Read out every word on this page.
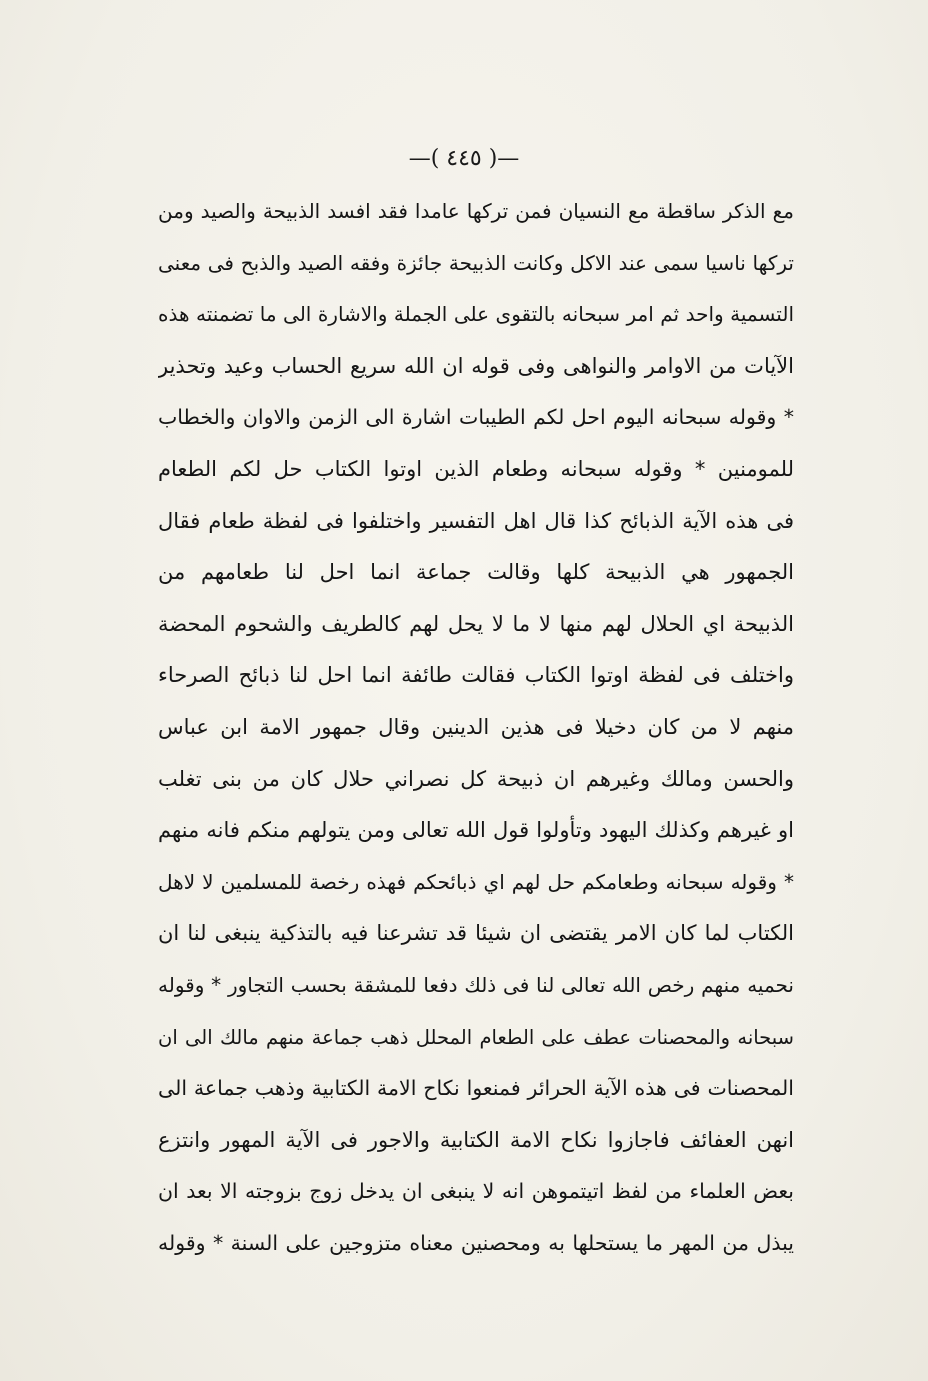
—( ٤٤٥ )—
مع الذكر ساقطة مع النسيان فمن تركها عامدا فقد افسد الذبيحة والصيد ومن
تركها ناسيا سمى عند الاكل وكانت الذبيحة جائزة وفقه الصيد والذبح فى معنى
التسمية واحد ثم امر سبحانه بالتقوى على الجملة والاشارة الى ما تضمنته هذه
الآيات من الاوامر والنواهى وفى قوله ان الله سريع الحساب وعيد وتحذير
* وقوله سبحانه اليوم احل لكم الطيبات اشارة الى الزمن والاوان والخطاب
للمومنين * وقوله سبحانه وطعام الذين اوتوا الكتاب حل لكم الطعام
فى هذه الآية الذبائح كذا قال اهل التفسير واختلفوا فى لفظة طعام فقال
الجمهور هي الذبيحة كلها وقالت جماعة انما احل لنا طعامهم من
الذبيحة اي الحلال لهم منها لا ما لا يحل لهم كالطريف والشحوم المحضة
واختلف فى لفظة اوتوا الكتاب فقالت طائفة انما احل لنا ذبائح الصرحاء
منهم لا من كان دخيلا فى هذين الدينين وقال جمهور الامة ابن عباس
والحسن ومالك وغيرهم ان ذبيحة كل نصراني حلال كان من بنى تغلب
او غيرهم وكذلك اليهود وتأولوا قول الله تعالى ومن يتولهم منكم فانه منهم
* وقوله سبحانه وطعامكم حل لهم اي ذبائحكم فهذه رخصة للمسلمين لا لاهل
الكتاب لما كان الامر يقتضى ان شيئا قد تشرعنا فيه بالتذكية ينبغى لنا ان
نحميه منهم رخص الله تعالى لنا فى ذلك دفعا للمشقة بحسب التجاور * وقوله
سبحانه والمحصنات عطف على الطعام المحلل ذهب جماعة منهم مالك الى ان
المحصنات فى هذه الآية الحرائر فمنعوا نكاح الامة الكتابية وذهب جماعة الى
انهن العفائف فاجازوا نكاح الامة الكتابية والاجور فى الآية المهور وانتزع
بعض العلماء من لفظ اتيتموهن انه لا ينبغى ان يدخل زوج بزوجته الا بعد ان
يبذل من المهر ما يستحلها به ومحصنين معناه متزوجين على السنة * وقوله
